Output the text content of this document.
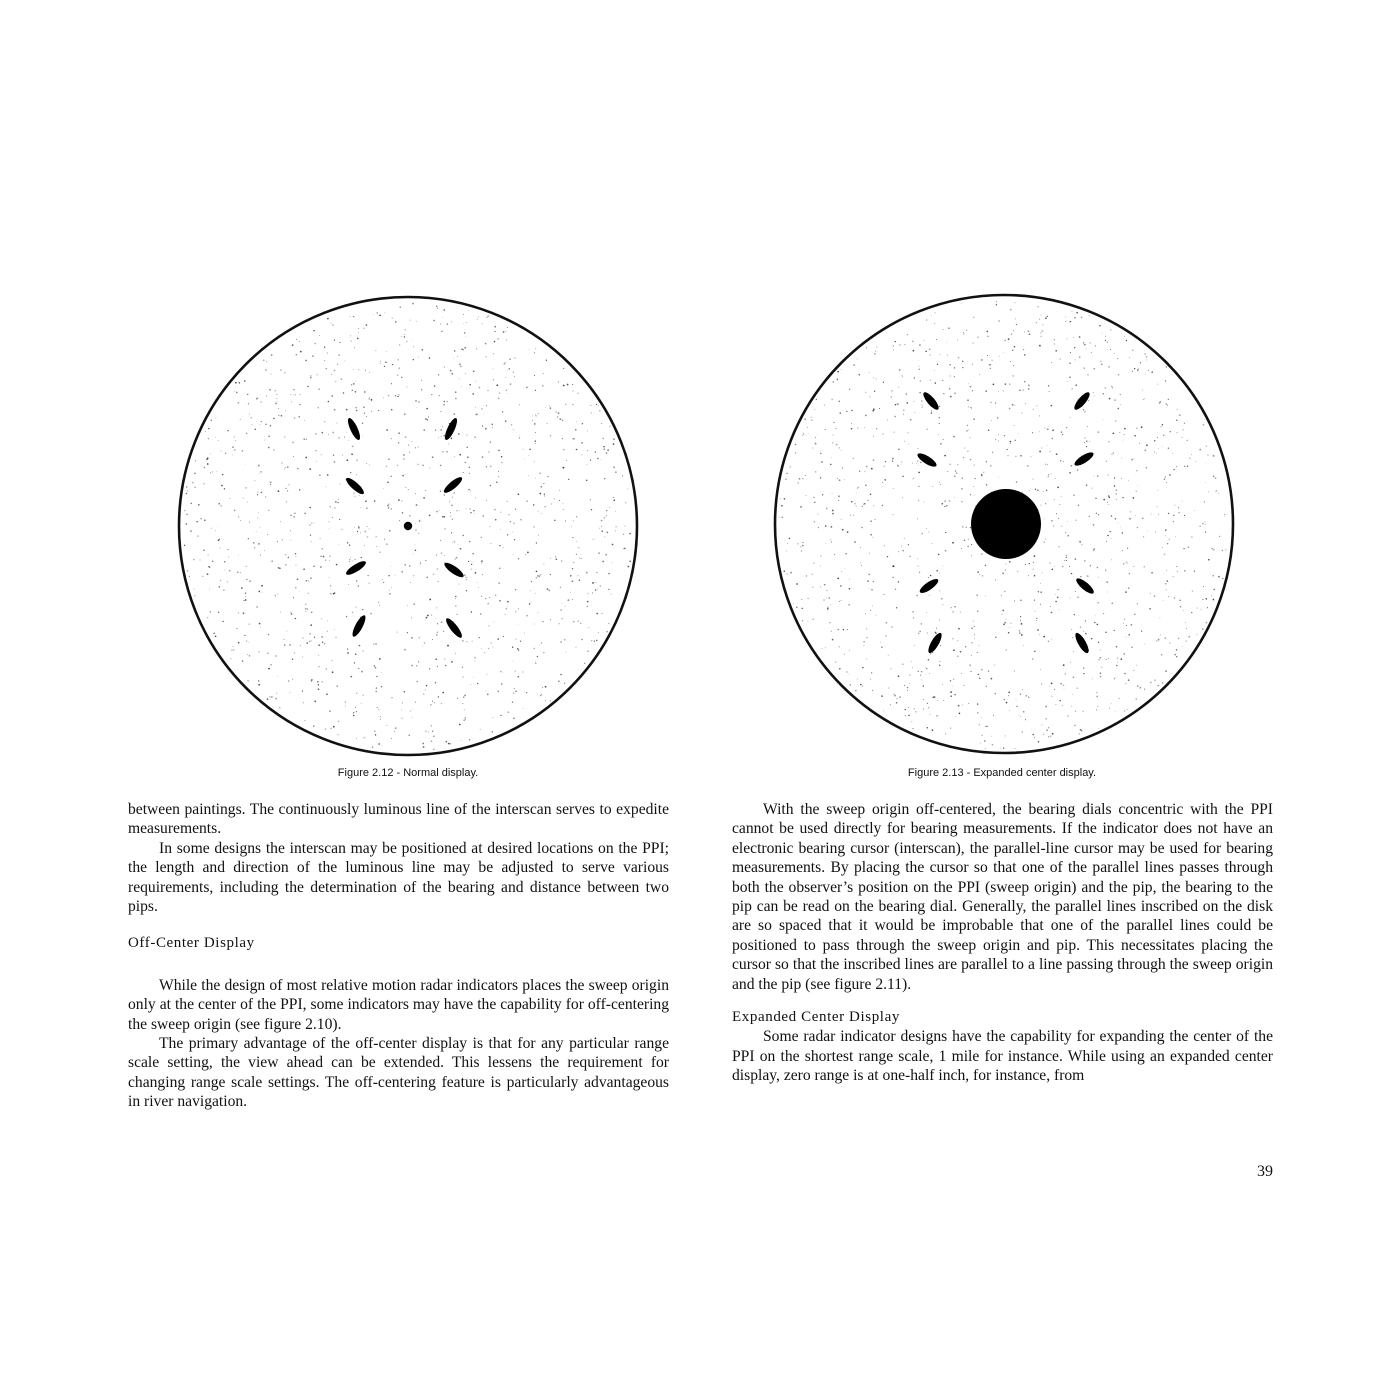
Figure 2.12 - Normal display.	Figure 2.13 - Expanded center display.

between paintings. The continuously luminous line of the interscan serves to expedite measurements.

In some designs the interscan may be positioned at desired locations on the PPI; the length and direction of the luminous line may be adjusted to serve various requirements, including the determination of the bearing and distance between two pips.

Off-Center Display

While the design of most relative motion radar indicators places the sweep origin only at the center of the PPI, some indicators may have the capability for off-centering the sweep origin (see figure 2.10).

The primary advantage of the off-center display is that for any particular range scale setting, the view ahead can be extended. This lessens the requirement for changing range scale settings. The off-centering feature is particularly advantageous in river navigation.

With the sweep origin off-centered, the bearing dials concentric with the PPI cannot be used directly for bearing measurements. If the indicator does not have an electronic bearing cursor (interscan), the parallel-line cursor may be used for bearing measurements. By placing the cursor so that one of the parallel lines passes through both the observer’s position on the PPI (sweep origin) and the pip, the bearing to the pip can be read on the bearing dial. Generally, the parallel lines inscribed on the disk are so spaced that it would be improbable that one of the parallel lines could be positioned to pass through the sweep origin and pip. This necessitates placing the cursor so that the inscribed lines are parallel to a line passing through the sweep origin and the pip (see figure 2.11).

Expanded Center Display

Some radar indicator designs have the capability for expanding the center of the PPI on the shortest range scale, 1 mile for instance. While using an expanded center display, zero range is at one-half inch, for instance, from

39
